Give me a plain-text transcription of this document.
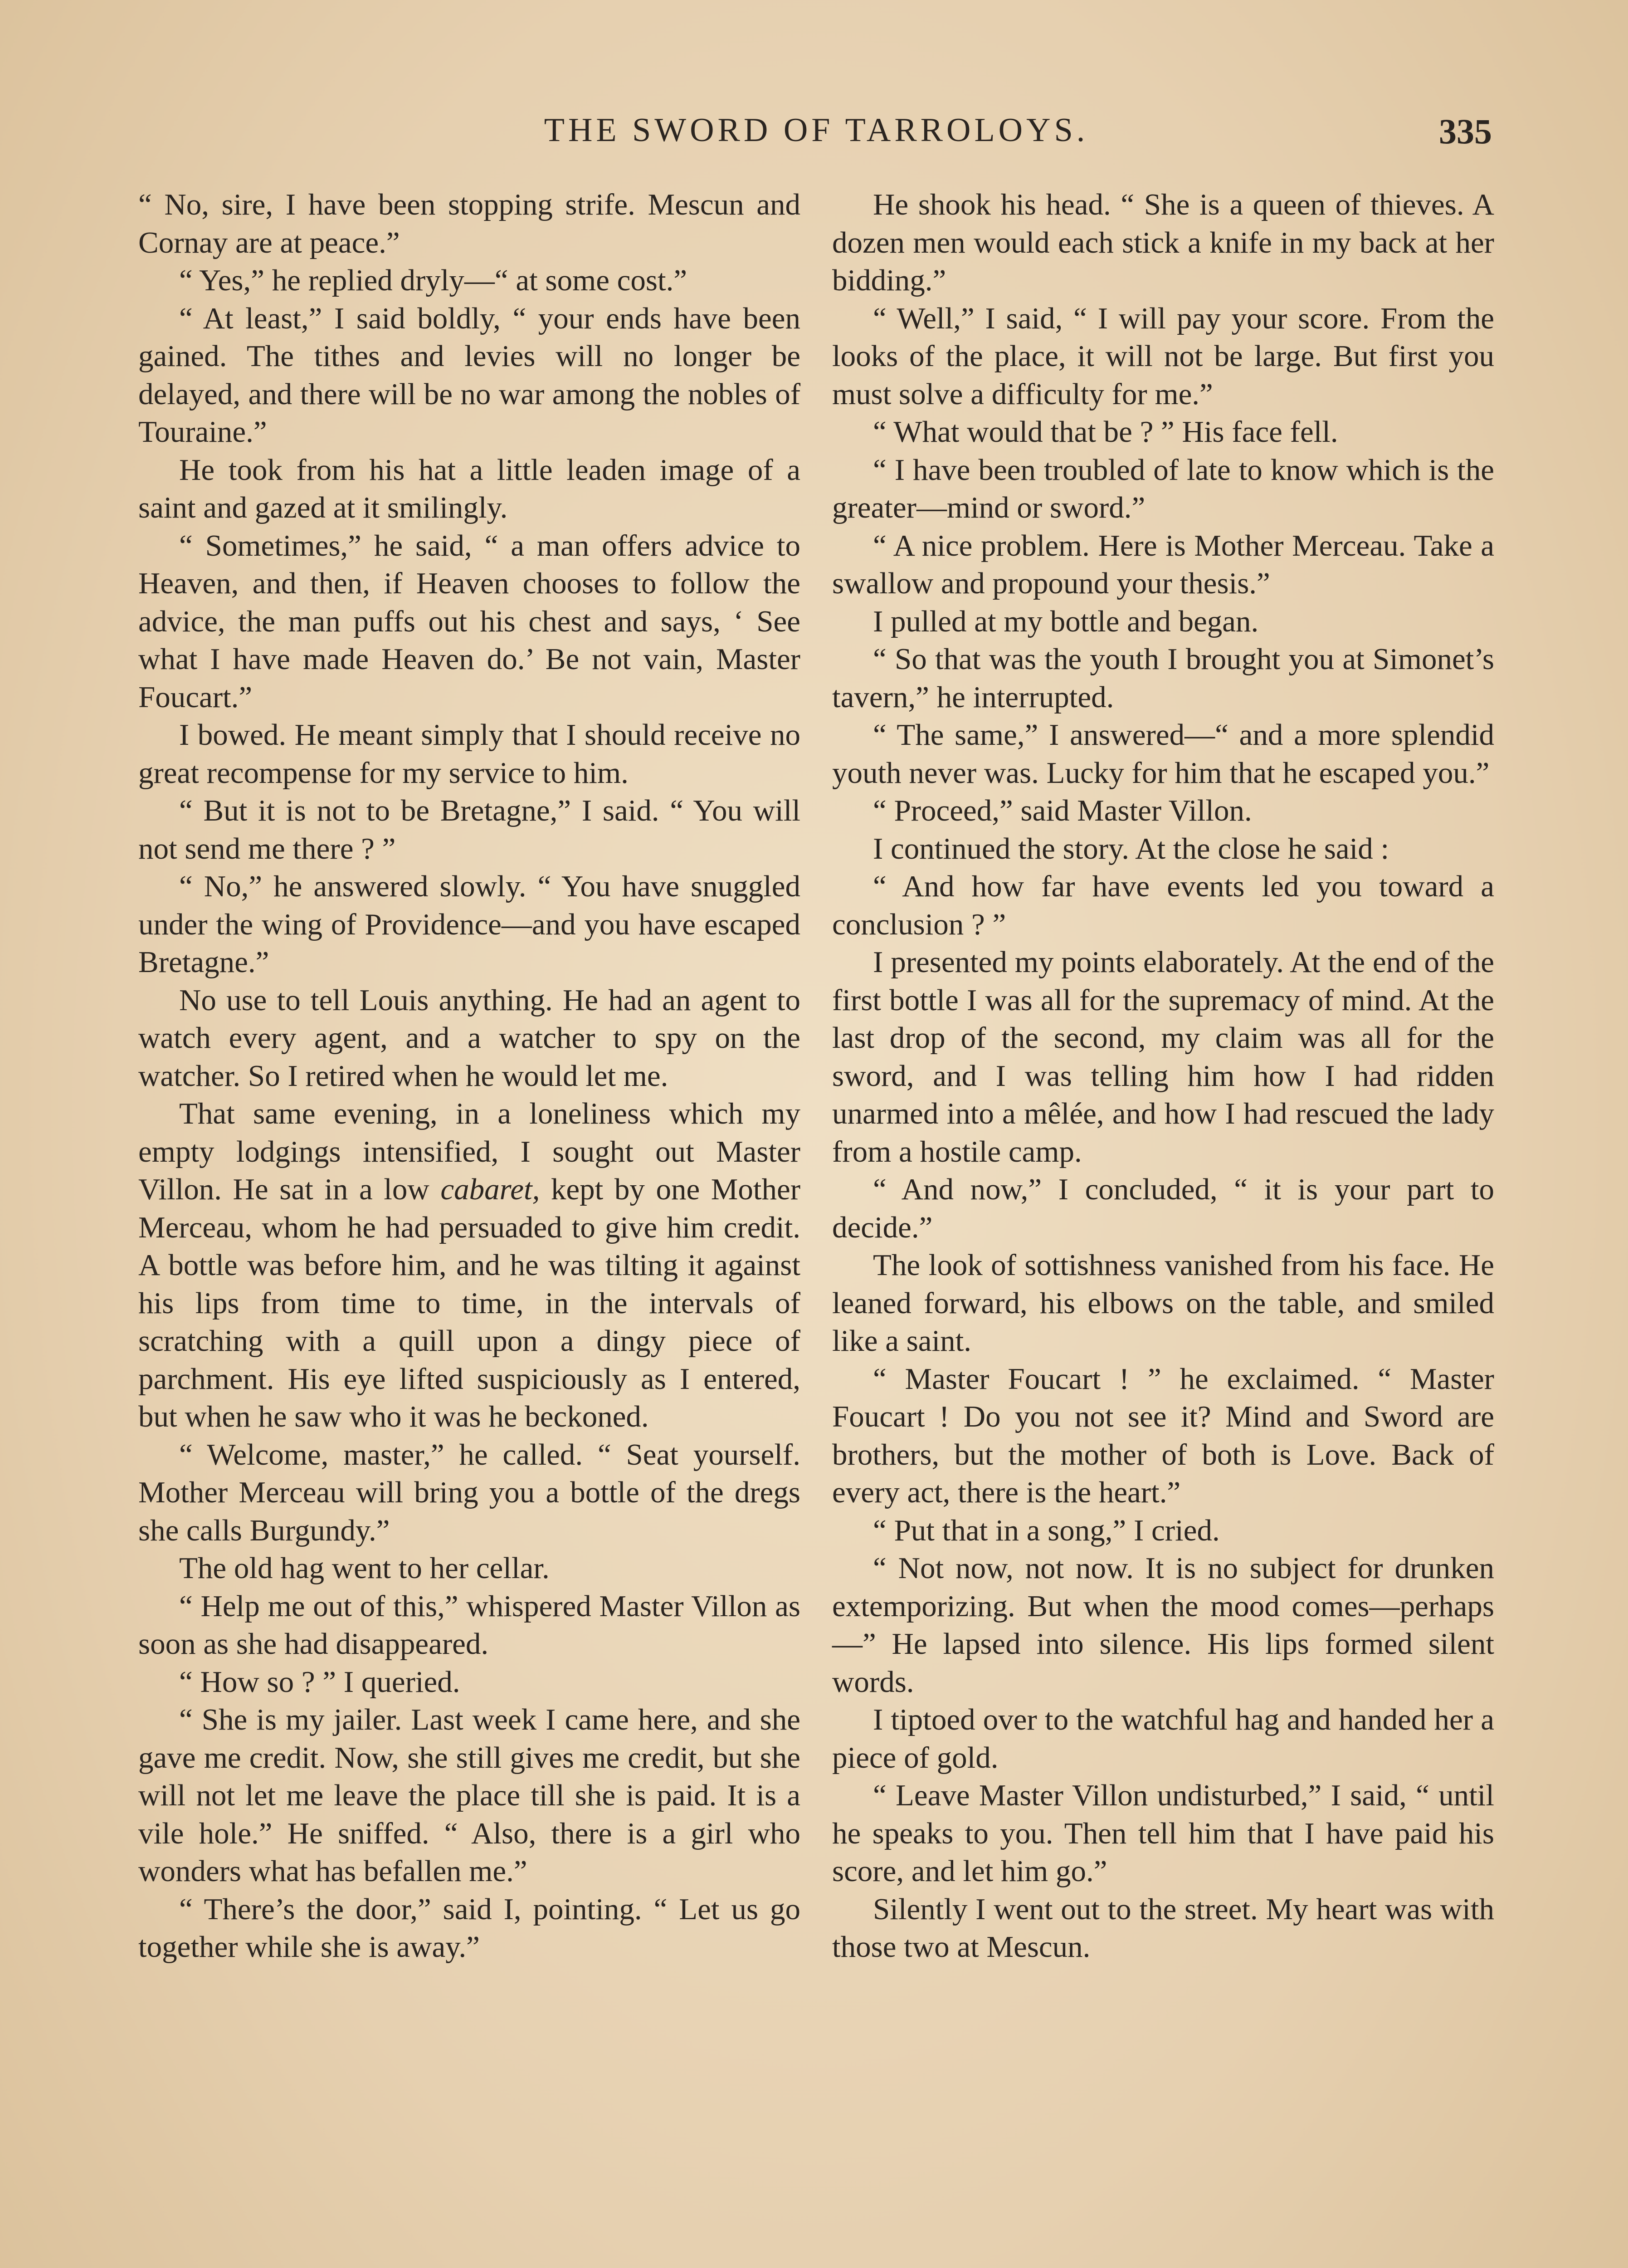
THE SWORD OF TARROLOYS.	335

“ No, sire, I have been stopping strife. Mescun and Cornay are at peace.”

“ Yes,” he replied dryly—“ at some cost.”

“ At least,” I said boldly, “ your ends have been gained. The tithes and levies will no longer be delayed, and there will be no war among the nobles of Touraine.”

He took from his hat a little leaden image of a saint and gazed at it smilingly.

“ Sometimes,” he said, “ a man offers advice to Heaven, and then, if Heaven chooses to follow the advice, the man puffs out his chest and says, ‘ See what I have made Heaven do.’ Be not vain, Master Foucart.”

I bowed. He meant simply that I should receive no great recompense for my service to him.

“ But it is not to be Bretagne,” I said. “ You will not send me there ? ”

“ No,” he answered slowly. “ You have snuggled under the wing of Providence—and you have escaped Bretagne.”

No use to tell Louis anything. He had an agent to watch every agent, and a watcher to spy on the watcher. So I retired when he would let me.

That same evening, in a loneliness which my empty lodgings intensified, I sought out Master Villon. He sat in a low cabaret, kept by one Mother Merceau, whom he had persuaded to give him credit. A bottle was before him, and he was tilting it against his lips from time to time, in the intervals of scratching with a quill upon a dingy piece of parchment. His eye lifted suspiciously as I entered, but when he saw who it was he beckoned.

“ Welcome, master,” he called. “ Seat yourself. Mother Merceau will bring you a bottle of the dregs she calls Burgundy.”

The old hag went to her cellar.

“ Help me out of this,” whispered Master Villon as soon as she had disappeared.

“ How so ? ” I queried.

“ She is my jailer. Last week I came here, and she gave me credit. Now, she still gives me credit, but she will not let me leave the place till she is paid. It is a vile hole.” He sniffed. “ Also, there is a girl who wonders what has befallen me.”

“ There’s the door,” said I, pointing. “ Let us go together while she is away.”

He shook his head. “ She is a queen of thieves. A dozen men would each stick a knife in my back at her bidding.”

“ Well,” I said, “ I will pay your score. From the looks of the place, it will not be large. But first you must solve a difficulty for me.”

“ What would that be ? ” His face fell.

“ I have been troubled of late to know which is the greater—mind or sword.”

“ A nice problem. Here is Mother Merceau. Take a swallow and propound your thesis.”

I pulled at my bottle and began.

“ So that was the youth I brought you at Simonet’s tavern,” he interrupted.

“ The same,” I answered—“ and a more splendid youth never was. Lucky for him that he escaped you.”

“ Proceed,” said Master Villon.

I continued the story. At the close he said :

“ And how far have events led you toward a conclusion ? ”

I presented my points elaborately. At the end of the first bottle I was all for the supremacy of mind. At the last drop of the second, my claim was all for the sword, and I was telling him how I had ridden unarmed into a mêlée, and how I had rescued the lady from a hostile camp.

“ And now,” I concluded, “ it is your part to decide.”

The look of sottishness vanished from his face. He leaned forward, his elbows on the table, and smiled like a saint.

“ Master Foucart ! ” he exclaimed. “ Master Foucart ! Do you not see it? Mind and Sword are brothers, but the mother of both is Love. Back of every act, there is the heart.”

“ Put that in a song,” I cried.

“ Not now, not now. It is no subject for drunken extemporizing. But when the mood comes—perhaps—” He lapsed into silence. His lips formed silent words.

I tiptoed over to the watchful hag and handed her a piece of gold.

“ Leave Master Villon undisturbed,” I said, “ until he speaks to you. Then tell him that I have paid his score, and let him go.”

Silently I went out to the street. My heart was with those two at Mescun.
